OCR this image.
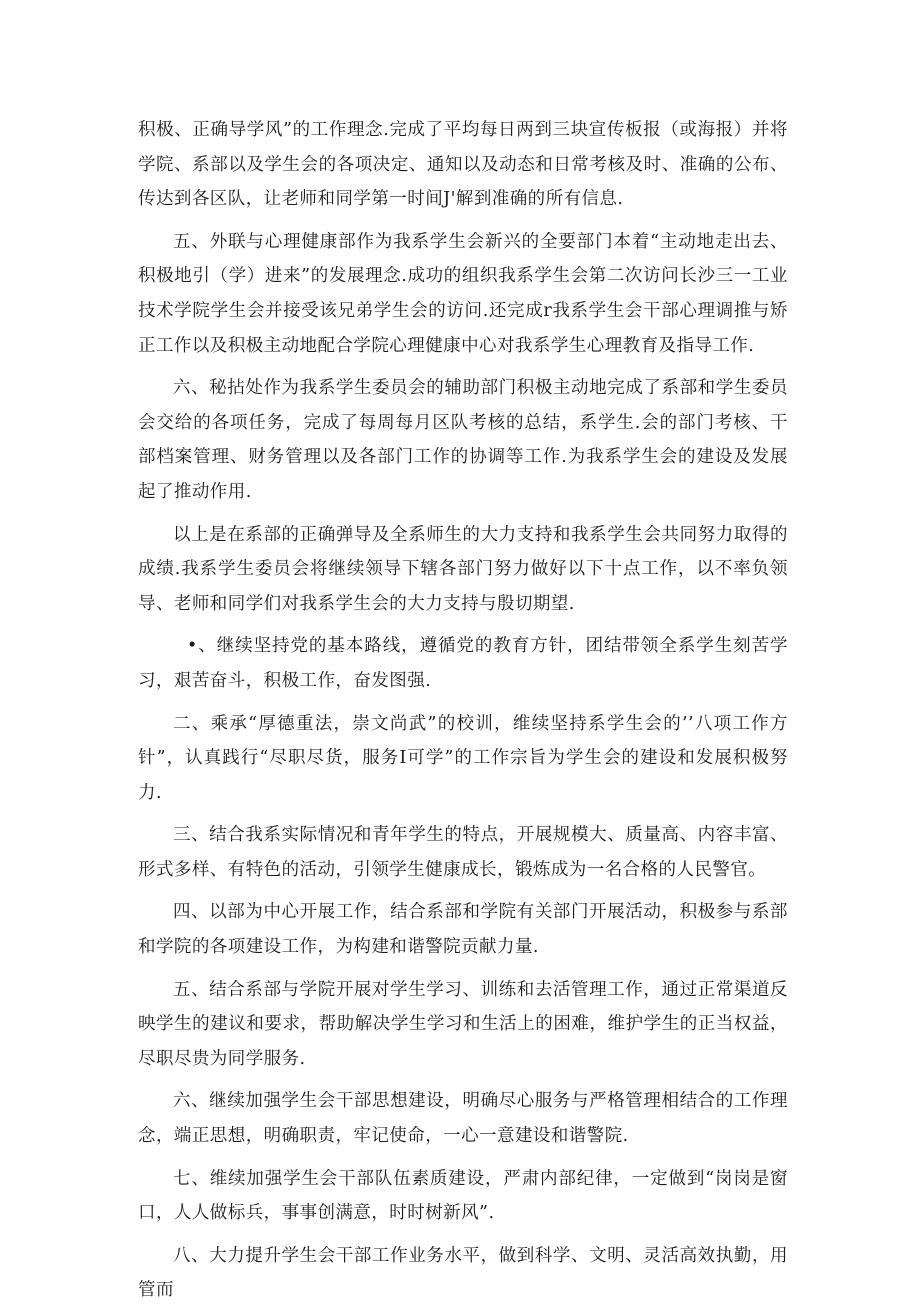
积极、正确导学风”的工作理念.完成了平均每日两到三块宣传板报（或海报）并将学院、系部以及学生会的各项决定、通知以及动态和日常考核及时、准确的公布、传达到各区队，让老师和同学第一时间J'解到准确的所有信息.

五、外联与心理健康部作为我系学生会新兴的全要部门本着“主动地走出去、积极地引（学）进来”的发展理念.成功的组织我系学生会第二次访问长沙三一工业技术学院学生会并接受该兄弟学生会的访问.还完成r我系学生会干部心理调推与矫正工作以及积极主动地配合学院心理健康中心对我系学生心理教育及指导工作.

六、秘拈处作为我系学生委员会的辅助部门积极主动地完成了系部和学生委员会交给的各项任务，完成了每周每月区队考核的总结，系学生.会的部门考核、干部档案管理、财务管理以及各部门工作的协调等工作.为我系学生会的建设及发展起了推动作用.

以上是在系部的正确弹导及全系师生的大力支持和我系学生会共同努力取得的成绩.我系学生委员会将继续领导下辖各部门努力做好以下十点工作，以不率负领导、老师和同学们对我系学生会的大力支持与殷切期望.

•、继续坚持党的基本路线，遵循党的教育方针，团结带领全系学生刻苦学习，艰苦奋斗，积极工作，奋发图强.

二、乘承“厚德重法，崇文尚武”的校训，维续坚持系学生会的’’八项工作方针”，认真践行“尽职尽货，服务I可学”的工作宗旨为学生会的建设和发展积极努力.

三、结合我系实际情况和青年学生的特点，开展规模大、质量高、内容丰富、形式多样、有特色的活动，引领学生健康成长，锻炼成为一名合格的人民警官。

四、以部为中心开展工作，结合系部和学院有关部门开展活动，积极参与系部和学院的各项建设工作，为构建和谐警院贡献力量.

五、结合系部与学院开展对学生学习、训练和去活管理工作，通过正常渠道反映学生的建议和要求，帮助解决学生学习和生活上的困难，维护学生的正当权益，尽职尽贵为同学服务.

六、继续加强学生会干部思想建设，明确尽心服务与严格管理相结合的工作理念，端正思想，明确职责，牢记使命，一心一意建设和谐警院.

七、维续加强学生会干部队伍素质建设，严肃内部纪律，一定做到“岗岗是窗口，人人做标兵，事事创满意，时时树新风”.

八、大力提升学生会干部工作业务水平，做到科学、文明、灵活高效执勤，用管而
